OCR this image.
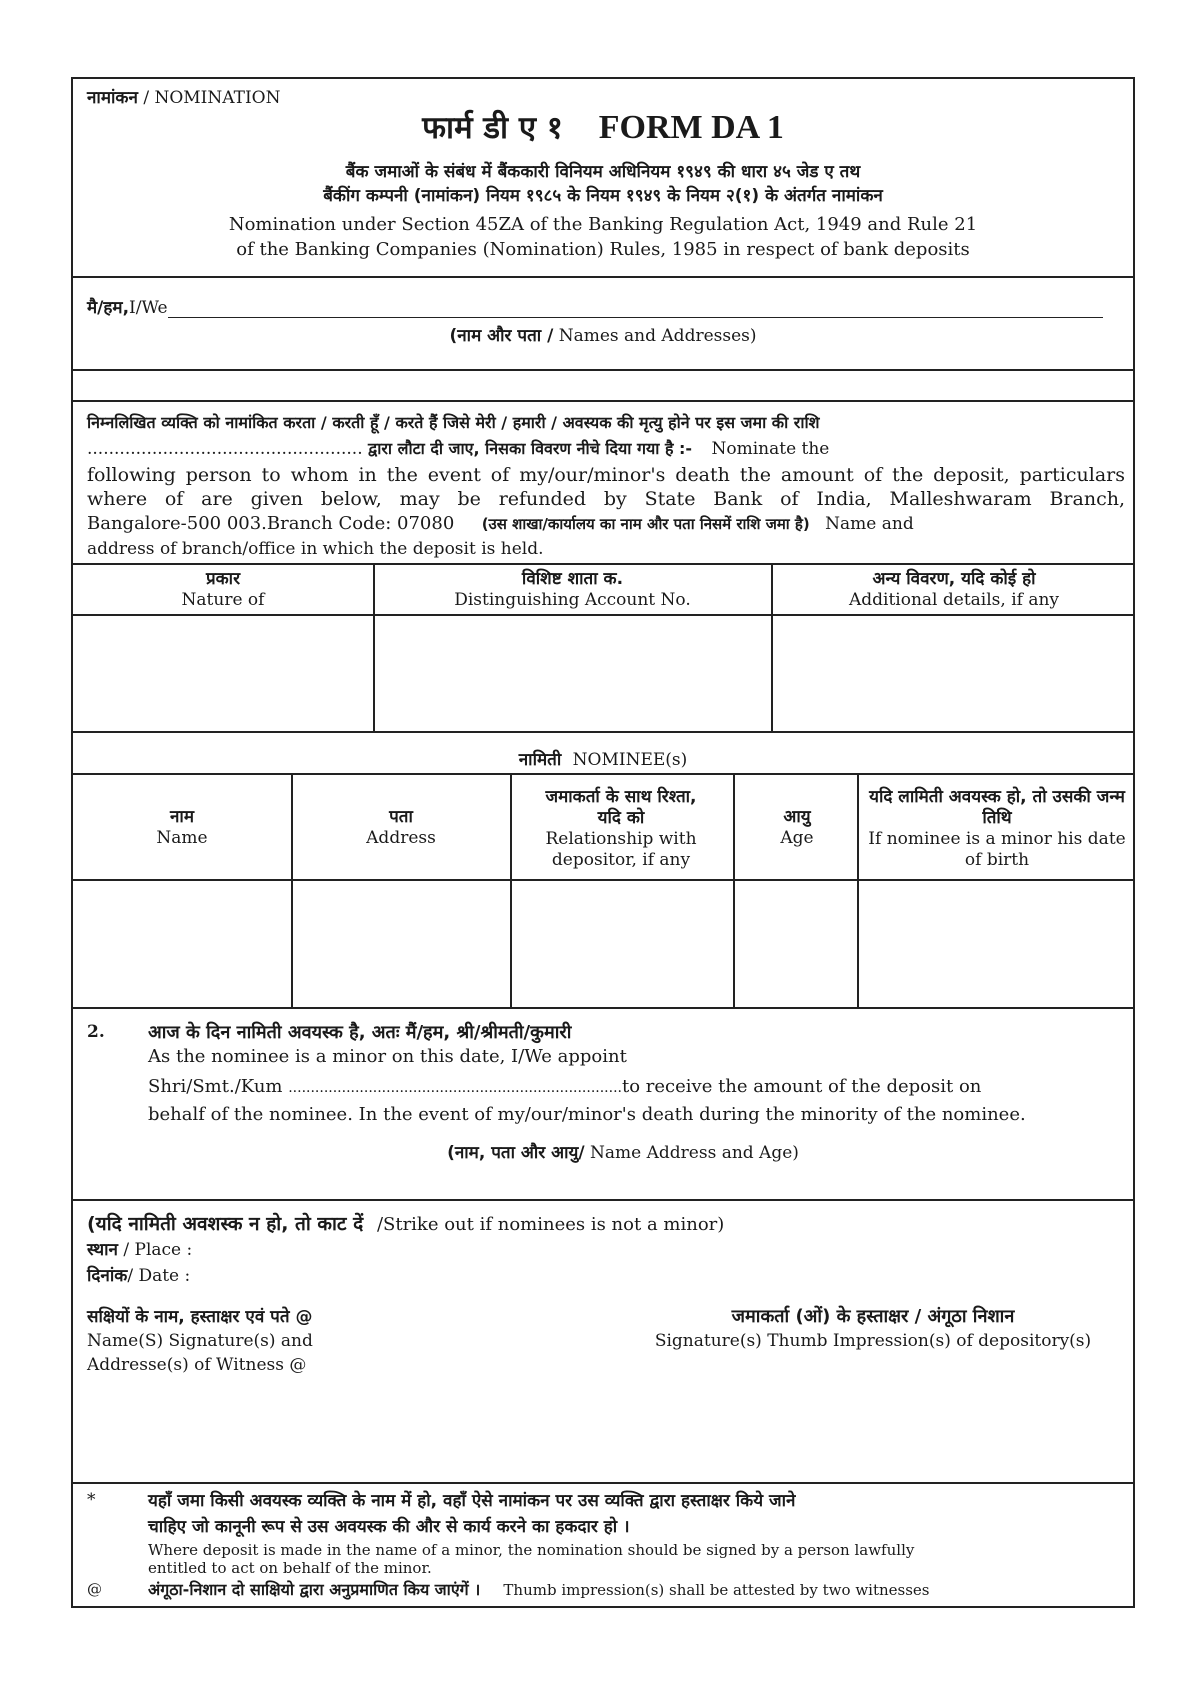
नामांकन / NOMINATION
फार्म डी ए १ FORM DA 1
बैंक जमाओं के संबंध में बैंककारी विनियम अधिनियम १९४९ की धारा ४५ जेड ए तथ
बैंकींग कम्पनी (नामांकन) नियम १९८५ के नियम १९४९ के नियम २(१) के अंतर्गत नामांकन
Nomination under Section 45ZA of the Banking Regulation Act, 1949 and Rule 21
of the Banking Companies (Nomination) Rules, 1985 in respect of bank deposits
मै/हम,I/We
(नाम और पता / Names and Addresses)
निम्नलिखित व्यक्ति को नामांकित करता / करती हूँ / करते हैं जिसे मेरी / हमारी / अवस्यक की मृत्यु होने पर इस जमा की राशि
................................................... द्वारा लौटा दी जाए, निसका विवरण नीचे दिया गया है :- Nominate the
following person to whom in the event of my/our/minor's death the amount of the deposit, particulars
where of are given below, may be refunded by State Bank of India, Malleshwaram Branch,
Bangalore-500 003.Branch Code: 07080 (उस शाखा/कार्यालय का नाम और पता निसमें राशि जमा है) Name and
address of branch/office in which the deposit is held.
प्रकार
Nature of
विशिष्ट शाता क.
Distinguishing Account No.
अन्य विवरण, यदि कोई हो
Additional details, if any
नामिती NOMINEE(s)
नाम
Name
पता
Address
जमाकर्ता के साथ रिश्ता, यदि को
Relationship with depositor, if any
आयु
Age
यदि लामिती अवयस्क हो, तो उसकी जन्म तिथि
If nominee is a minor his date of birth
2. आज के दिन नामिती अवयस्क है, अतः मैं/हम, श्री/श्रीमती/कुमारी
As the nominee is a minor on this date, I/We appoint
Shri/Smt./Kum ...........................................................................to receive the amount of the deposit on
behalf of the nominee. In the event of my/our/minor's death during the minority of the nominee.
(नाम, पता और आयु/ Name Address and Age)
(यदि नामिती अवशस्क न हो, तो काट दें /Strike out if nominees is not a minor)
स्थान / Place :
दिनांक/ Date :
सक्षियों के नाम, हस्ताक्षर एवं पते @
Name(S) Signature(s) and
Addresse(s) of Witness @
जमाकर्ता (ओं) के हस्ताक्षर / अंगूठा निशान
Signature(s) Thumb Impression(s) of depository(s)
*	यहाँ जमा किसी अवयस्क व्यक्ति के नाम में हो, वहाँ ऐसे नामांकन पर उस व्यक्ति द्वारा हस्ताक्षर किये जाने
चाहिए जो कानूनी रूप से उस अवयस्क की और से कार्य करने का हकदार हो ।
Where deposit is made in the name of a minor, the nomination should be signed by a person lawfully
entitled to act on behalf of the minor.
@	अंगूठा-निशान दो साक्षियो द्वारा अनुप्रमाणित किय जाएंगें । Thumb impression(s) shall be attested by two witnesses
